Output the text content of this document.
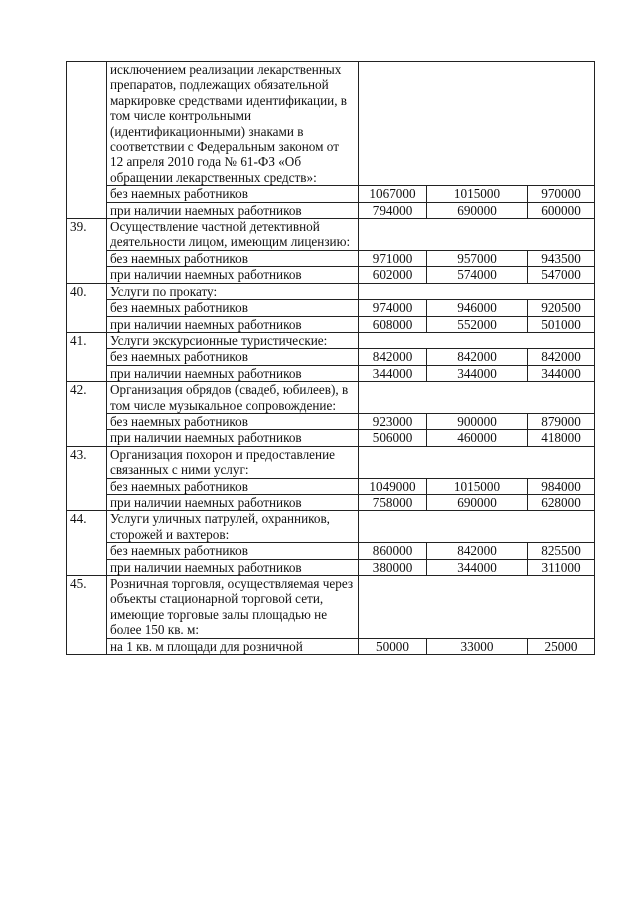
	исключением реализации лекарственных препаратов, подлежащих обязательной маркировке средствами идентификации, в том числе контрольными (идентификационными) знаками в соответствии с Федеральным законом от 12 апреля 2010 года № 61-ФЗ «Об обращении лекарственных средств»:			
	без наемных работников	1067000	1015000	970000
	при наличии наемных работников	794000	690000	600000
39.	Осуществление частной детективной деятельности лицом, имеющим лицензию:			
	без наемных работников	971000	957000	943500
	при наличии наемных работников	602000	574000	547000
40.	Услуги по прокату:			
	без наемных работников	974000	946000	920500
	при наличии наемных работников	608000	552000	501000
41.	Услуги экскурсионные туристические:			
	без наемных работников	842000	842000	842000
	при наличии наемных работников	344000	344000	344000
42.	Организация обрядов (свадеб, юбилеев), в том числе музыкальное сопровождение:			
	без наемных работников	923000	900000	879000
	при наличии наемных работников	506000	460000	418000
43.	Организация похорон и предоставление связанных с ними услуг:			
	без наемных работников	1049000	1015000	984000
	при наличии наемных работников	758000	690000	628000
44.	Услуги уличных патрулей, охранников, сторожей и вахтеров:			
	без наемных работников	860000	842000	825500
	при наличии наемных работников	380000	344000	311000
45.	Розничная торговля, осуществляемая через объекты стационарной торговой сети, имеющие торговые залы площадью не более 150 кв. м:			
	на 1 кв. м площади для розничной	50000	33000	25000
